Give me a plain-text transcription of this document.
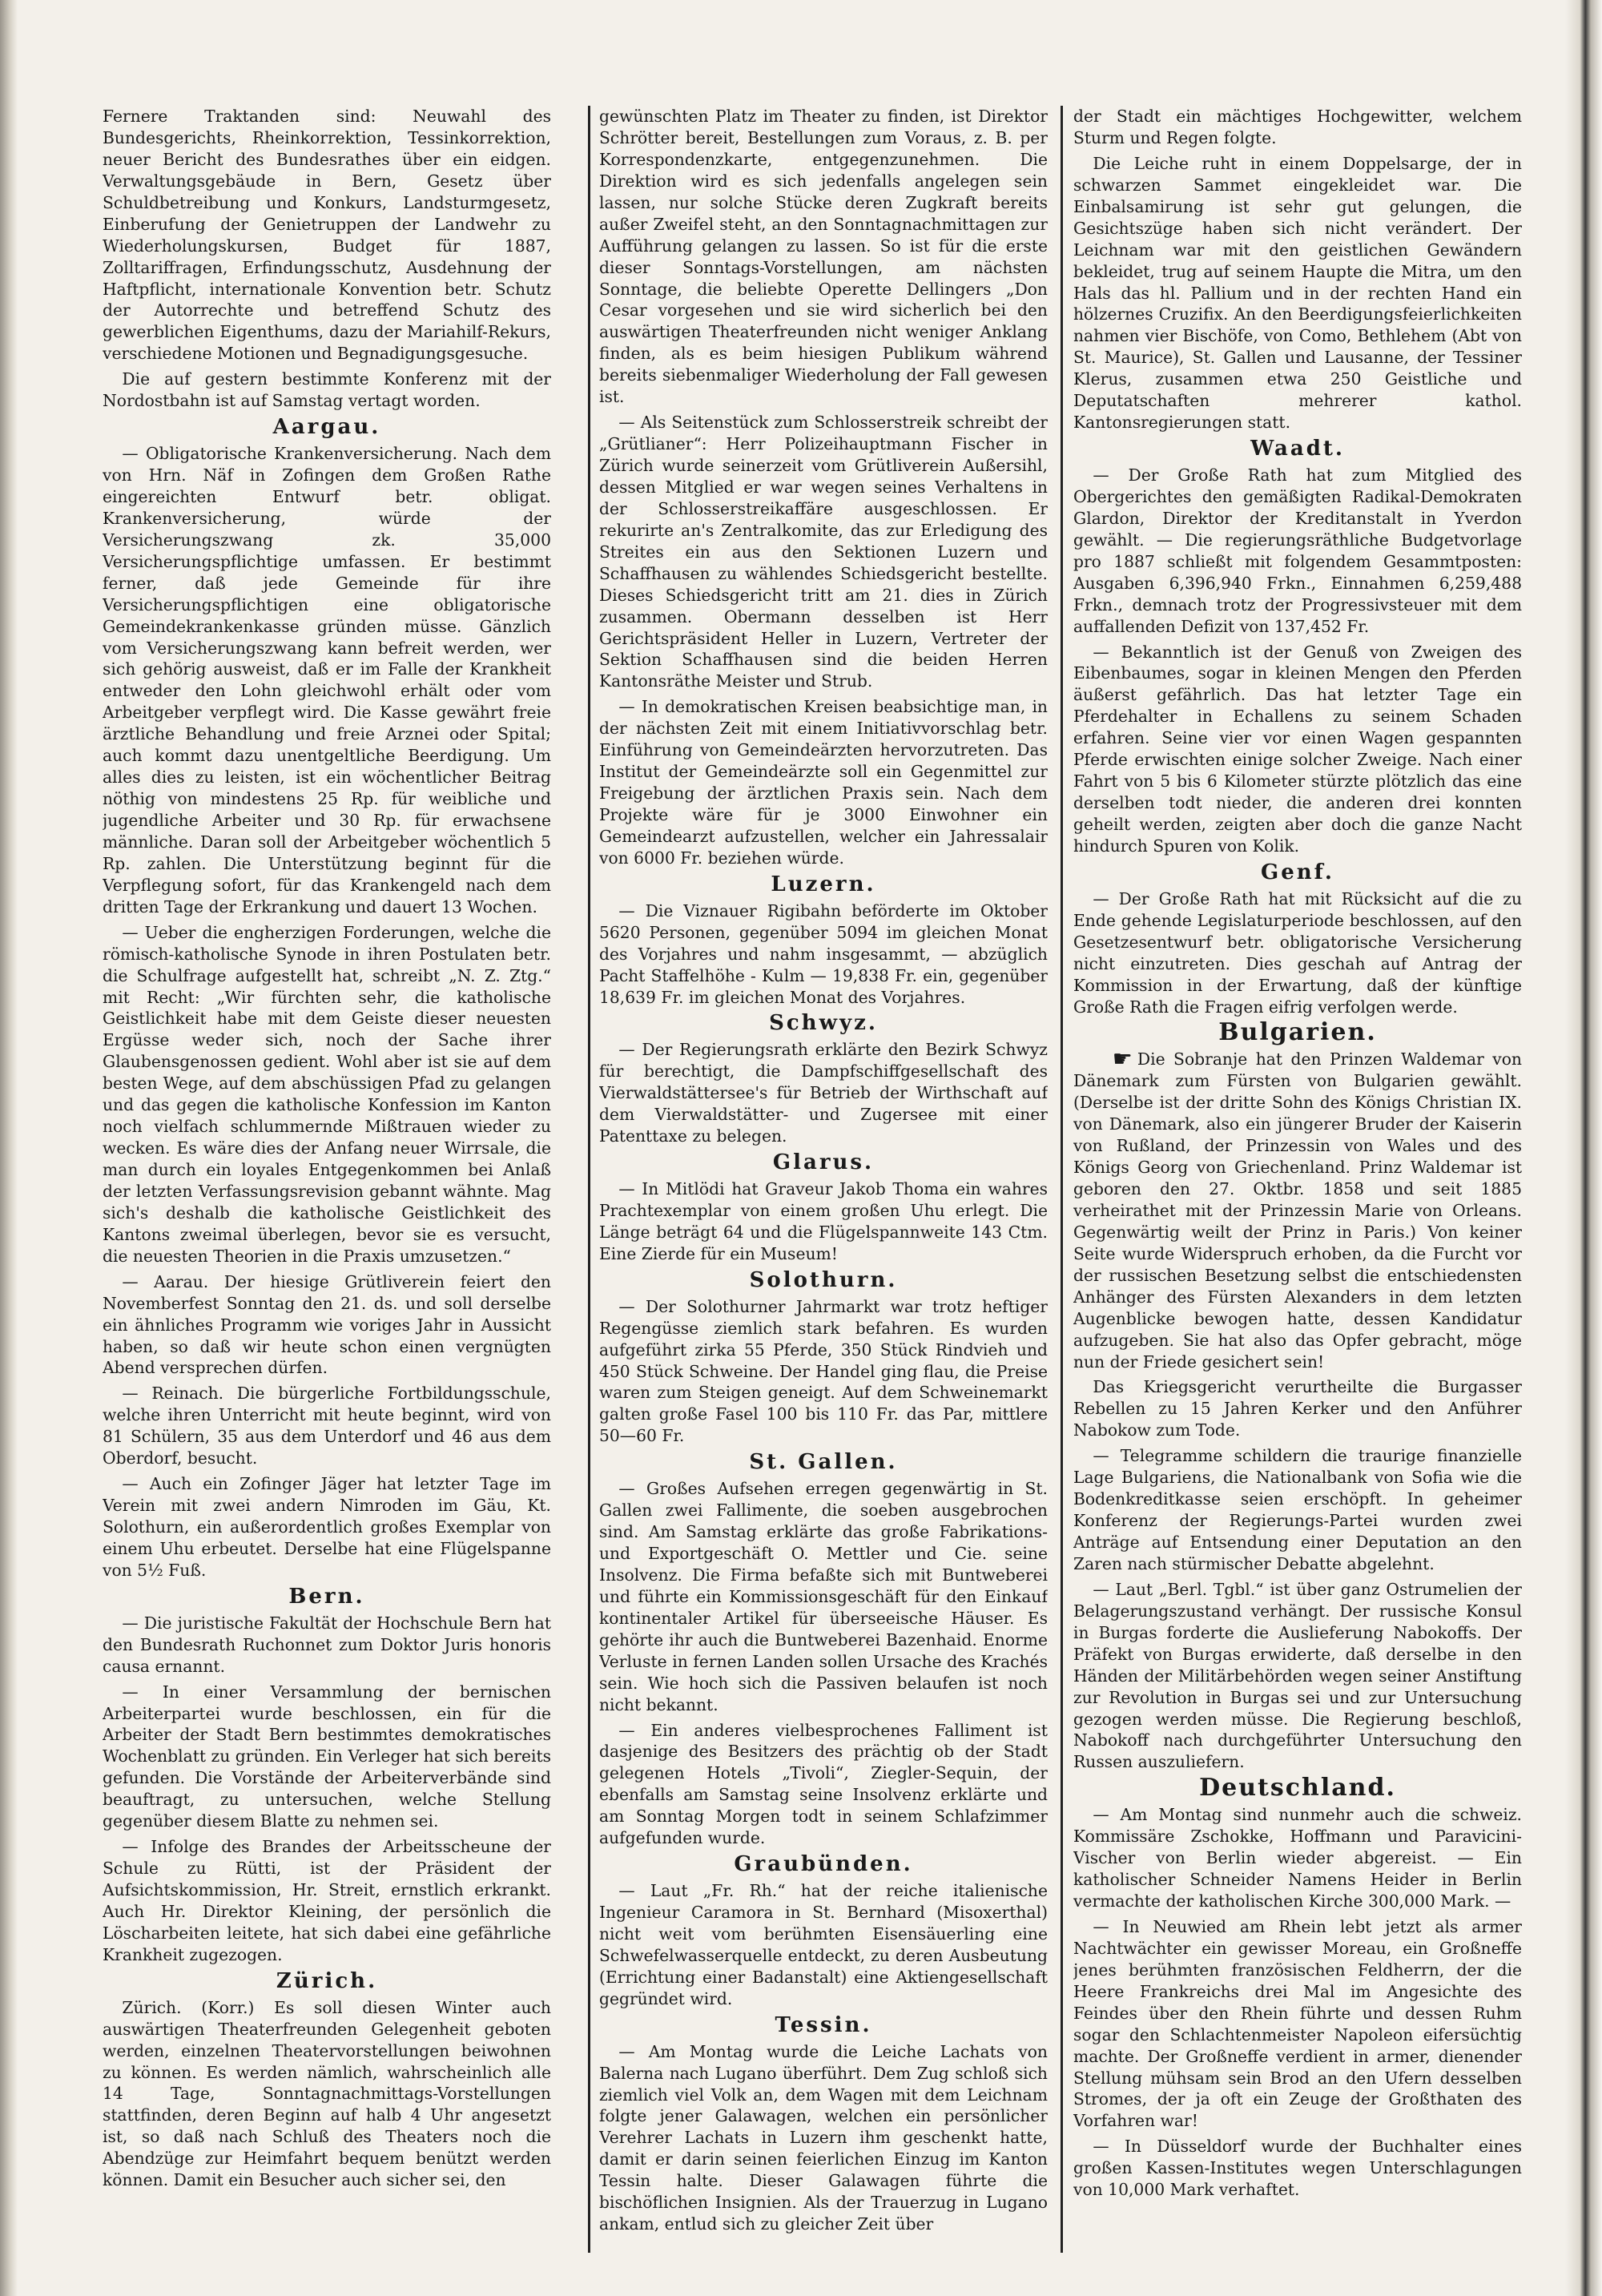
Fernere Traktanden sind: Neuwahl des Bundesgerichts, Rheinkorrektion, Tessinkorrektion, neuer Bericht des Bundesrathes über ein eidgen. Verwaltungsgebäude in Bern, Gesetz über Schuldbetreibung und Konkurs, Landsturmgesetz, Einberufung der Genietruppen der Landwehr zu Wiederholungskursen, Budget für 1887, Zolltariffragen, Erfindungsschutz, Ausdehnung der Haftpflicht, internationale Konvention betr. Schutz der Autorrechte und betreffend Schutz des gewerblichen Eigenthums, dazu der Mariahilf-Rekurs, verschiedene Motionen und Begnadigungsgesuche.

Die auf gestern bestimmte Konferenz mit der Nordostbahn ist auf Samstag vertagt worden.

Aargau.

— Obligatorische Krankenversicherung. Nach dem von Hrn. Näf in Zofingen dem Großen Rathe eingereichten Entwurf betr. obligat. Krankenversicherung, würde der Versicherungszwang zk. 35,000 Versicherungspflichtige umfassen. Er bestimmt ferner, daß jede Gemeinde für ihre Versicherungspflichtigen eine obligatorische Gemeindekrankenkasse gründen müsse. Gänzlich vom Versicherungszwang kann befreit werden, wer sich gehörig ausweist, daß er im Falle der Krankheit entweder den Lohn gleichwohl erhält oder vom Arbeitgeber verpflegt wird. Die Kasse gewährt freie ärztliche Behandlung und freie Arznei oder Spital; auch kommt dazu unentgeltliche Beerdigung. Um alles dies zu leisten, ist ein wöchentlicher Beitrag nöthig von mindestens 25 Rp. für weibliche und jugendliche Arbeiter und 30 Rp. für erwachsene männliche. Daran soll der Arbeitgeber wöchentlich 5 Rp. zahlen. Die Unterstützung beginnt für die Verpflegung sofort, für das Krankengeld nach dem dritten Tage der Erkrankung und dauert 13 Wochen.

— Ueber die engherzigen Forderungen, welche die römisch-katholische Synode in ihren Postulaten betr. die Schulfrage aufgestellt hat, schreibt „N. Z. Ztg.“ mit Recht: „Wir fürchten sehr, die katholische Geistlichkeit habe mit dem Geiste dieser neuesten Ergüsse weder sich, noch der Sache ihrer Glaubensgenossen gedient. Wohl aber ist sie auf dem besten Wege, auf dem abschüssigen Pfad zu gelangen und das gegen die katholische Konfession im Kanton noch vielfach schlummernde Mißtrauen wieder zu wecken. Es wäre dies der Anfang neuer Wirrsale, die man durch ein loyales Entgegenkommen bei Anlaß der letzten Verfassungsrevision gebannt wähnte. Mag sich's deshalb die katholische Geistlichkeit des Kantons zweimal überlegen, bevor sie es versucht, die neuesten Theorien in die Praxis umzusetzen.“

— Aarau. Der hiesige Grütliverein feiert den Novemberfest Sonntag den 21. ds. und soll derselbe ein ähnliches Programm wie voriges Jahr in Aussicht haben, so daß wir heute schon einen vergnügten Abend versprechen dürfen.

— Reinach. Die bürgerliche Fortbildungsschule, welche ihren Unterricht mit heute beginnt, wird von 81 Schülern, 35 aus dem Unterdorf und 46 aus dem Oberdorf, besucht.

— Auch ein Zofinger Jäger hat letzter Tage im Verein mit zwei andern Nimroden im Gäu, Kt. Solothurn, ein außerordentlich großes Exemplar von einem Uhu erbeutet. Derselbe hat eine Flügelspanne von 5½ Fuß.

Bern.

— Die juristische Fakultät der Hochschule Bern hat den Bundesrath Ruchonnet zum Doktor Juris honoris causa ernannt.

— In einer Versammlung der bernischen Arbeiterpartei wurde beschlossen, ein für die Arbeiter der Stadt Bern bestimmtes demokratisches Wochenblatt zu gründen. Ein Verleger hat sich bereits gefunden. Die Vorstände der Arbeiterverbände sind beauftragt, zu untersuchen, welche Stellung gegenüber diesem Blatte zu nehmen sei.

— Infolge des Brandes der Arbeitsscheune der Schule zu Rütti, ist der Präsident der Aufsichtskommission, Hr. Streit, ernstlich erkrankt. Auch Hr. Direktor Kleining, der persönlich die Löscharbeiten leitete, hat sich dabei eine gefährliche Krankheit zugezogen.

Zürich.

Zürich. (Korr.) Es soll diesen Winter auch auswärtigen Theaterfreunden Gelegenheit geboten werden, einzelnen Theatervorstellungen beiwohnen zu können. Es werden nämlich, wahrscheinlich alle 14 Tage, Sonntagnachmittags-Vorstellungen stattfinden, deren Beginn auf halb 4 Uhr angesetzt ist, so daß nach Schluß des Theaters noch die Abendzüge zur Heimfahrt bequem benützt werden können. Damit ein Besucher auch sicher sei, den

gewünschten Platz im Theater zu finden, ist Direktor Schrötter bereit, Bestellungen zum Voraus, z. B. per Korrespondenzkarte, entgegenzunehmen. Die Direktion wird es sich jedenfalls angelegen sein lassen, nur solche Stücke deren Zugkraft bereits außer Zweifel steht, an den Sonntagnachmittagen zur Aufführung gelangen zu lassen. So ist für die erste dieser Sonntags-Vorstellungen, am nächsten Sonntage, die beliebte Operette Dellingers „Don Cesar vorgesehen und sie wird sicherlich bei den auswärtigen Theaterfreunden nicht weniger Anklang finden, als es beim hiesigen Publikum während bereits siebenmaliger Wiederholung der Fall gewesen ist.

— Als Seitenstück zum Schlosserstreik schreibt der „Grütlianer“: Herr Polizeihauptmann Fischer in Zürich wurde seinerzeit vom Grütliverein Außersihl, dessen Mitglied er war wegen seines Verhaltens in der Schlosserstreikaffäre ausgeschlossen. Er rekurirte an's Zentralkomite, das zur Erledigung des Streites ein aus den Sektionen Luzern und Schaffhausen zu wählendes Schiedsgericht bestellte. Dieses Schiedsgericht tritt am 21. dies in Zürich zusammen. Obermann desselben ist Herr Gerichtspräsident Heller in Luzern, Vertreter der Sektion Schaffhausen sind die beiden Herren Kantonsräthe Meister und Strub.

— In demokratischen Kreisen beabsichtige man, in der nächsten Zeit mit einem Initiativvorschlag betr. Einführung von Gemeindeärzten hervorzutreten. Das Institut der Gemeindeärzte soll ein Gegenmittel zur Freigebung der ärztlichen Praxis sein. Nach dem Projekte wäre für je 3000 Einwohner ein Gemeindearzt aufzustellen, welcher ein Jahressalair von 6000 Fr. beziehen würde.

Luzern.

— Die Viznauer Rigibahn beförderte im Oktober 5620 Personen, gegenüber 5094 im gleichen Monat des Vorjahres und nahm insgesammt, — abzüglich Pacht Staffelhöhe - Kulm — 19,838 Fr. ein, gegenüber 18,639 Fr. im gleichen Monat des Vorjahres.

Schwyz.

— Der Regierungsrath erklärte den Bezirk Schwyz für berechtigt, die Dampfschiffgesellschaft des Vierwaldstättersee's für Betrieb der Wirthschaft auf dem Vierwaldstätter- und Zugersee mit einer Patenttaxe zu belegen.

Glarus.

— In Mitlödi hat Graveur Jakob Thoma ein wahres Prachtexemplar von einem großen Uhu erlegt. Die Länge beträgt 64 und die Flügelspannweite 143 Ctm. Eine Zierde für ein Museum!

Solothurn.

— Der Solothurner Jahrmarkt war trotz heftiger Regengüsse ziemlich stark befahren. Es wurden aufgeführt zirka 55 Pferde, 350 Stück Rindvieh und 450 Stück Schweine. Der Handel ging flau, die Preise waren zum Steigen geneigt. Auf dem Schweinemarkt galten große Fasel 100 bis 110 Fr. das Par, mittlere 50—60 Fr.

St. Gallen.

— Großes Aufsehen erregen gegenwärtig in St. Gallen zwei Fallimente, die soeben ausgebrochen sind. Am Samstag erklärte das große Fabrikations- und Exportgeschäft O. Mettler und Cie. seine Insolvenz. Die Firma befaßte sich mit Buntweberei und führte ein Kommissionsgeschäft für den Einkauf kontinentaler Artikel für überseeische Häuser. Es gehörte ihr auch die Buntweberei Bazenhaid. Enorme Verluste in fernen Landen sollen Ursache des Krachés sein. Wie hoch sich die Passiven belaufen ist noch nicht bekannt.

— Ein anderes vielbesprochenes Falliment ist dasjenige des Besitzers des prächtig ob der Stadt gelegenen Hotels „Tivoli“, Ziegler-Sequin, der ebenfalls am Samstag seine Insolvenz erklärte und am Sonntag Morgen todt in seinem Schlafzimmer aufgefunden wurde.

Graubünden.

— Laut „Fr. Rh.“ hat der reiche italienische Ingenieur Caramora in St. Bernhard (Misoxerthal) nicht weit vom berühmten Eisensäuerling eine Schwefelwasserquelle entdeckt, zu deren Ausbeutung (Errichtung einer Badanstalt) eine Aktiengesellschaft gegründet wird.

Tessin.

— Am Montag wurde die Leiche Lachats von Balerna nach Lugano überführt. Dem Zug schloß sich ziemlich viel Volk an, dem Wagen mit dem Leichnam folgte jener Galawagen, welchen ein persönlicher Verehrer Lachats in Luzern ihm geschenkt hatte, damit er darin seinen feierlichen Einzug im Kanton Tessin halte. Dieser Galawagen führte die bischöflichen Insignien. Als der Trauerzug in Lugano ankam, entlud sich zu gleicher Zeit über

der Stadt ein mächtiges Hochgewitter, welchem Sturm und Regen folgte.

Die Leiche ruht in einem Doppelsarge, der in schwarzen Sammet eingekleidet war. Die Einbalsamirung ist sehr gut gelungen, die Gesichtszüge haben sich nicht verändert. Der Leichnam war mit den geistlichen Gewändern bekleidet, trug auf seinem Haupte die Mitra, um den Hals das hl. Pallium und in der rechten Hand ein hölzernes Cruzifix. An den Beerdigungsfeierlichkeiten nahmen vier Bischöfe, von Como, Bethlehem (Abt von St. Maurice), St. Gallen und Lausanne, der Tessiner Klerus, zusammen etwa 250 Geistliche und Deputatschaften mehrerer kathol. Kantonsregierungen statt.

Waadt.

— Der Große Rath hat zum Mitglied des Obergerichtes den gemäßigten Radikal-Demokraten Glardon, Direktor der Kreditanstalt in Yverdon gewählt. — Die regierungsräthliche Budgetvorlage pro 1887 schließt mit folgendem Gesammtposten: Ausgaben 6,396,940 Frkn., Einnahmen 6,259,488 Frkn., demnach trotz der Progressivsteuer mit dem auffallenden Defizit von 137,452 Fr.

— Bekanntlich ist der Genuß von Zweigen des Eibenbaumes, sogar in kleinen Mengen den Pferden äußerst gefährlich. Das hat letzter Tage ein Pferdehalter in Echallens zu seinem Schaden erfahren. Seine vier vor einen Wagen gespannten Pferde erwischten einige solcher Zweige. Nach einer Fahrt von 5 bis 6 Kilometer stürzte plötzlich das eine derselben todt nieder, die anderen drei konnten geheilt werden, zeigten aber doch die ganze Nacht hindurch Spuren von Kolik.

Genf.

— Der Große Rath hat mit Rücksicht auf die zu Ende gehende Legislaturperiode beschlossen, auf den Gesetzesentwurf betr. obligatorische Versicherung nicht einzutreten. Dies geschah auf Antrag der Kommission in der Erwartung, daß der künftige Große Rath die Fragen eifrig verfolgen werde.

Bulgarien.

☛ Die Sobranje hat den Prinzen Waldemar von Dänemark zum Fürsten von Bulgarien gewählt. (Derselbe ist der dritte Sohn des Königs Christian IX. von Dänemark, also ein jüngerer Bruder der Kaiserin von Rußland, der Prinzessin von Wales und des Königs Georg von Griechenland. Prinz Waldemar ist geboren den 27. Oktbr. 1858 und seit 1885 verheirathet mit der Prinzessin Marie von Orleans. Gegenwärtig weilt der Prinz in Paris.) Von keiner Seite wurde Widerspruch erhoben, da die Furcht vor der russischen Besetzung selbst die entschiedensten Anhänger des Fürsten Alexanders in dem letzten Augenblicke bewogen hatte, dessen Kandidatur aufzugeben. Sie hat also das Opfer gebracht, möge nun der Friede gesichert sein!

Das Kriegsgericht verurtheilte die Burgasser Rebellen zu 15 Jahren Kerker und den Anführer Nabokow zum Tode.

— Telegramme schildern die traurige finanzielle Lage Bulgariens, die Nationalbank von Sofia wie die Bodenkreditkasse seien erschöpft. In geheimer Konferenz der Regierungs-Partei wurden zwei Anträge auf Entsendung einer Deputation an den Zaren nach stürmischer Debatte abgelehnt.

— Laut „Berl. Tgbl.“ ist über ganz Ostrumelien der Belagerungszustand verhängt. Der russische Konsul in Burgas forderte die Auslieferung Nabokoffs. Der Präfekt von Burgas erwiderte, daß derselbe in den Händen der Militärbehörden wegen seiner Anstiftung zur Revolution in Burgas sei und zur Untersuchung gezogen werden müsse. Die Regierung beschloß, Nabokoff nach durchgeführter Untersuchung den Russen auszuliefern.

Deutschland.

— Am Montag sind nunmehr auch die schweiz. Kommissäre Zschokke, Hoffmann und Paravicini-Vischer von Berlin wieder abgereist. — Ein katholischer Schneider Namens Heider in Berlin vermachte der katholischen Kirche 300,000 Mark. —

— In Neuwied am Rhein lebt jetzt als armer Nachtwächter ein gewisser Moreau, ein Großneffe jenes berühmten französischen Feldherrn, der die Heere Frankreichs drei Mal im Angesichte des Feindes über den Rhein führte und dessen Ruhm sogar den Schlachtenmeister Napoleon eifersüchtig machte. Der Großneffe verdient in armer, dienender Stellung mühsam sein Brod an den Ufern desselben Stromes, der ja oft ein Zeuge der Großthaten des Vorfahren war!

— In Düsseldorf wurde der Buchhalter eines großen Kassen-Institutes wegen Unterschlagungen von 10,000 Mark verhaftet.
